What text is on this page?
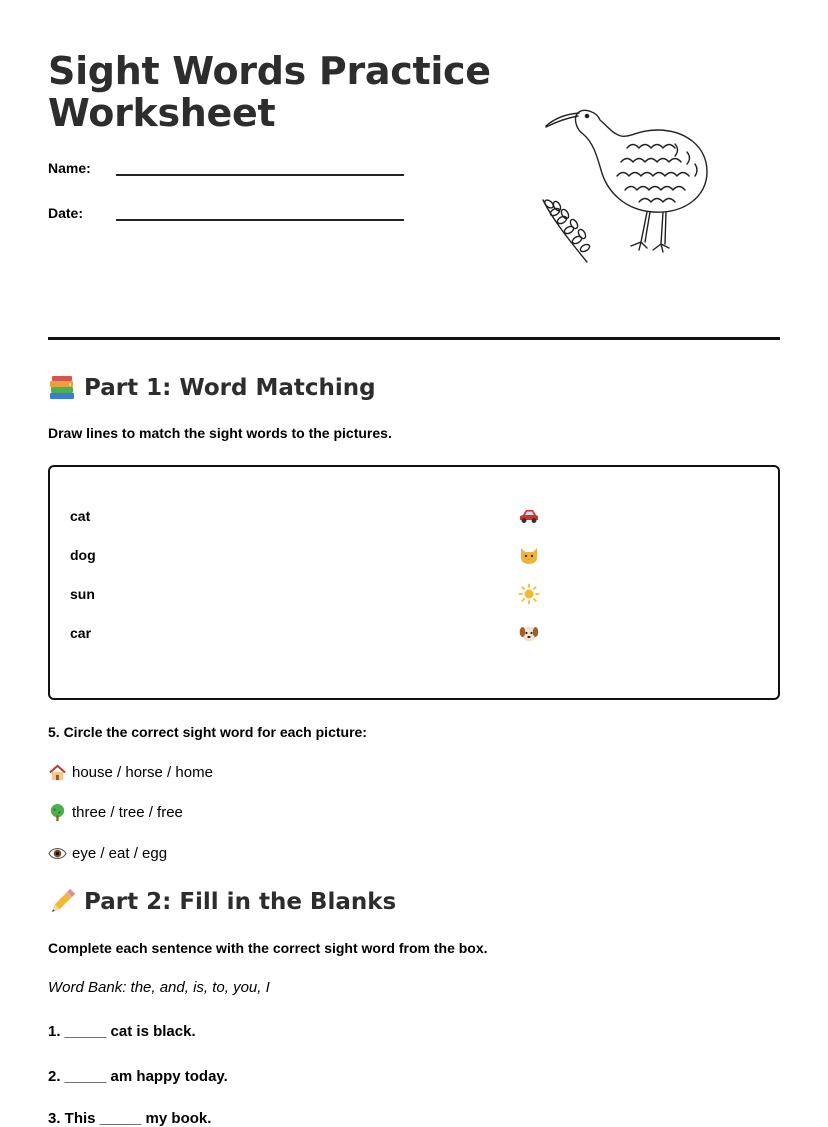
Sight Words Practice Worksheet
Name:
Date:
Part 1: Word Matching
Draw lines to match the sight words to the pictures.
cat
dog
sun
car
5. Circle the correct sight word for each picture:
house / horse / home
three / tree / free
eye / eat / egg
Part 2: Fill in the Blanks
Complete each sentence with the correct sight word from the box.
Word Bank: the, and, is, to, you, I
1. _____ cat is black.
2. _____ am happy today.
3. This _____ my book.
